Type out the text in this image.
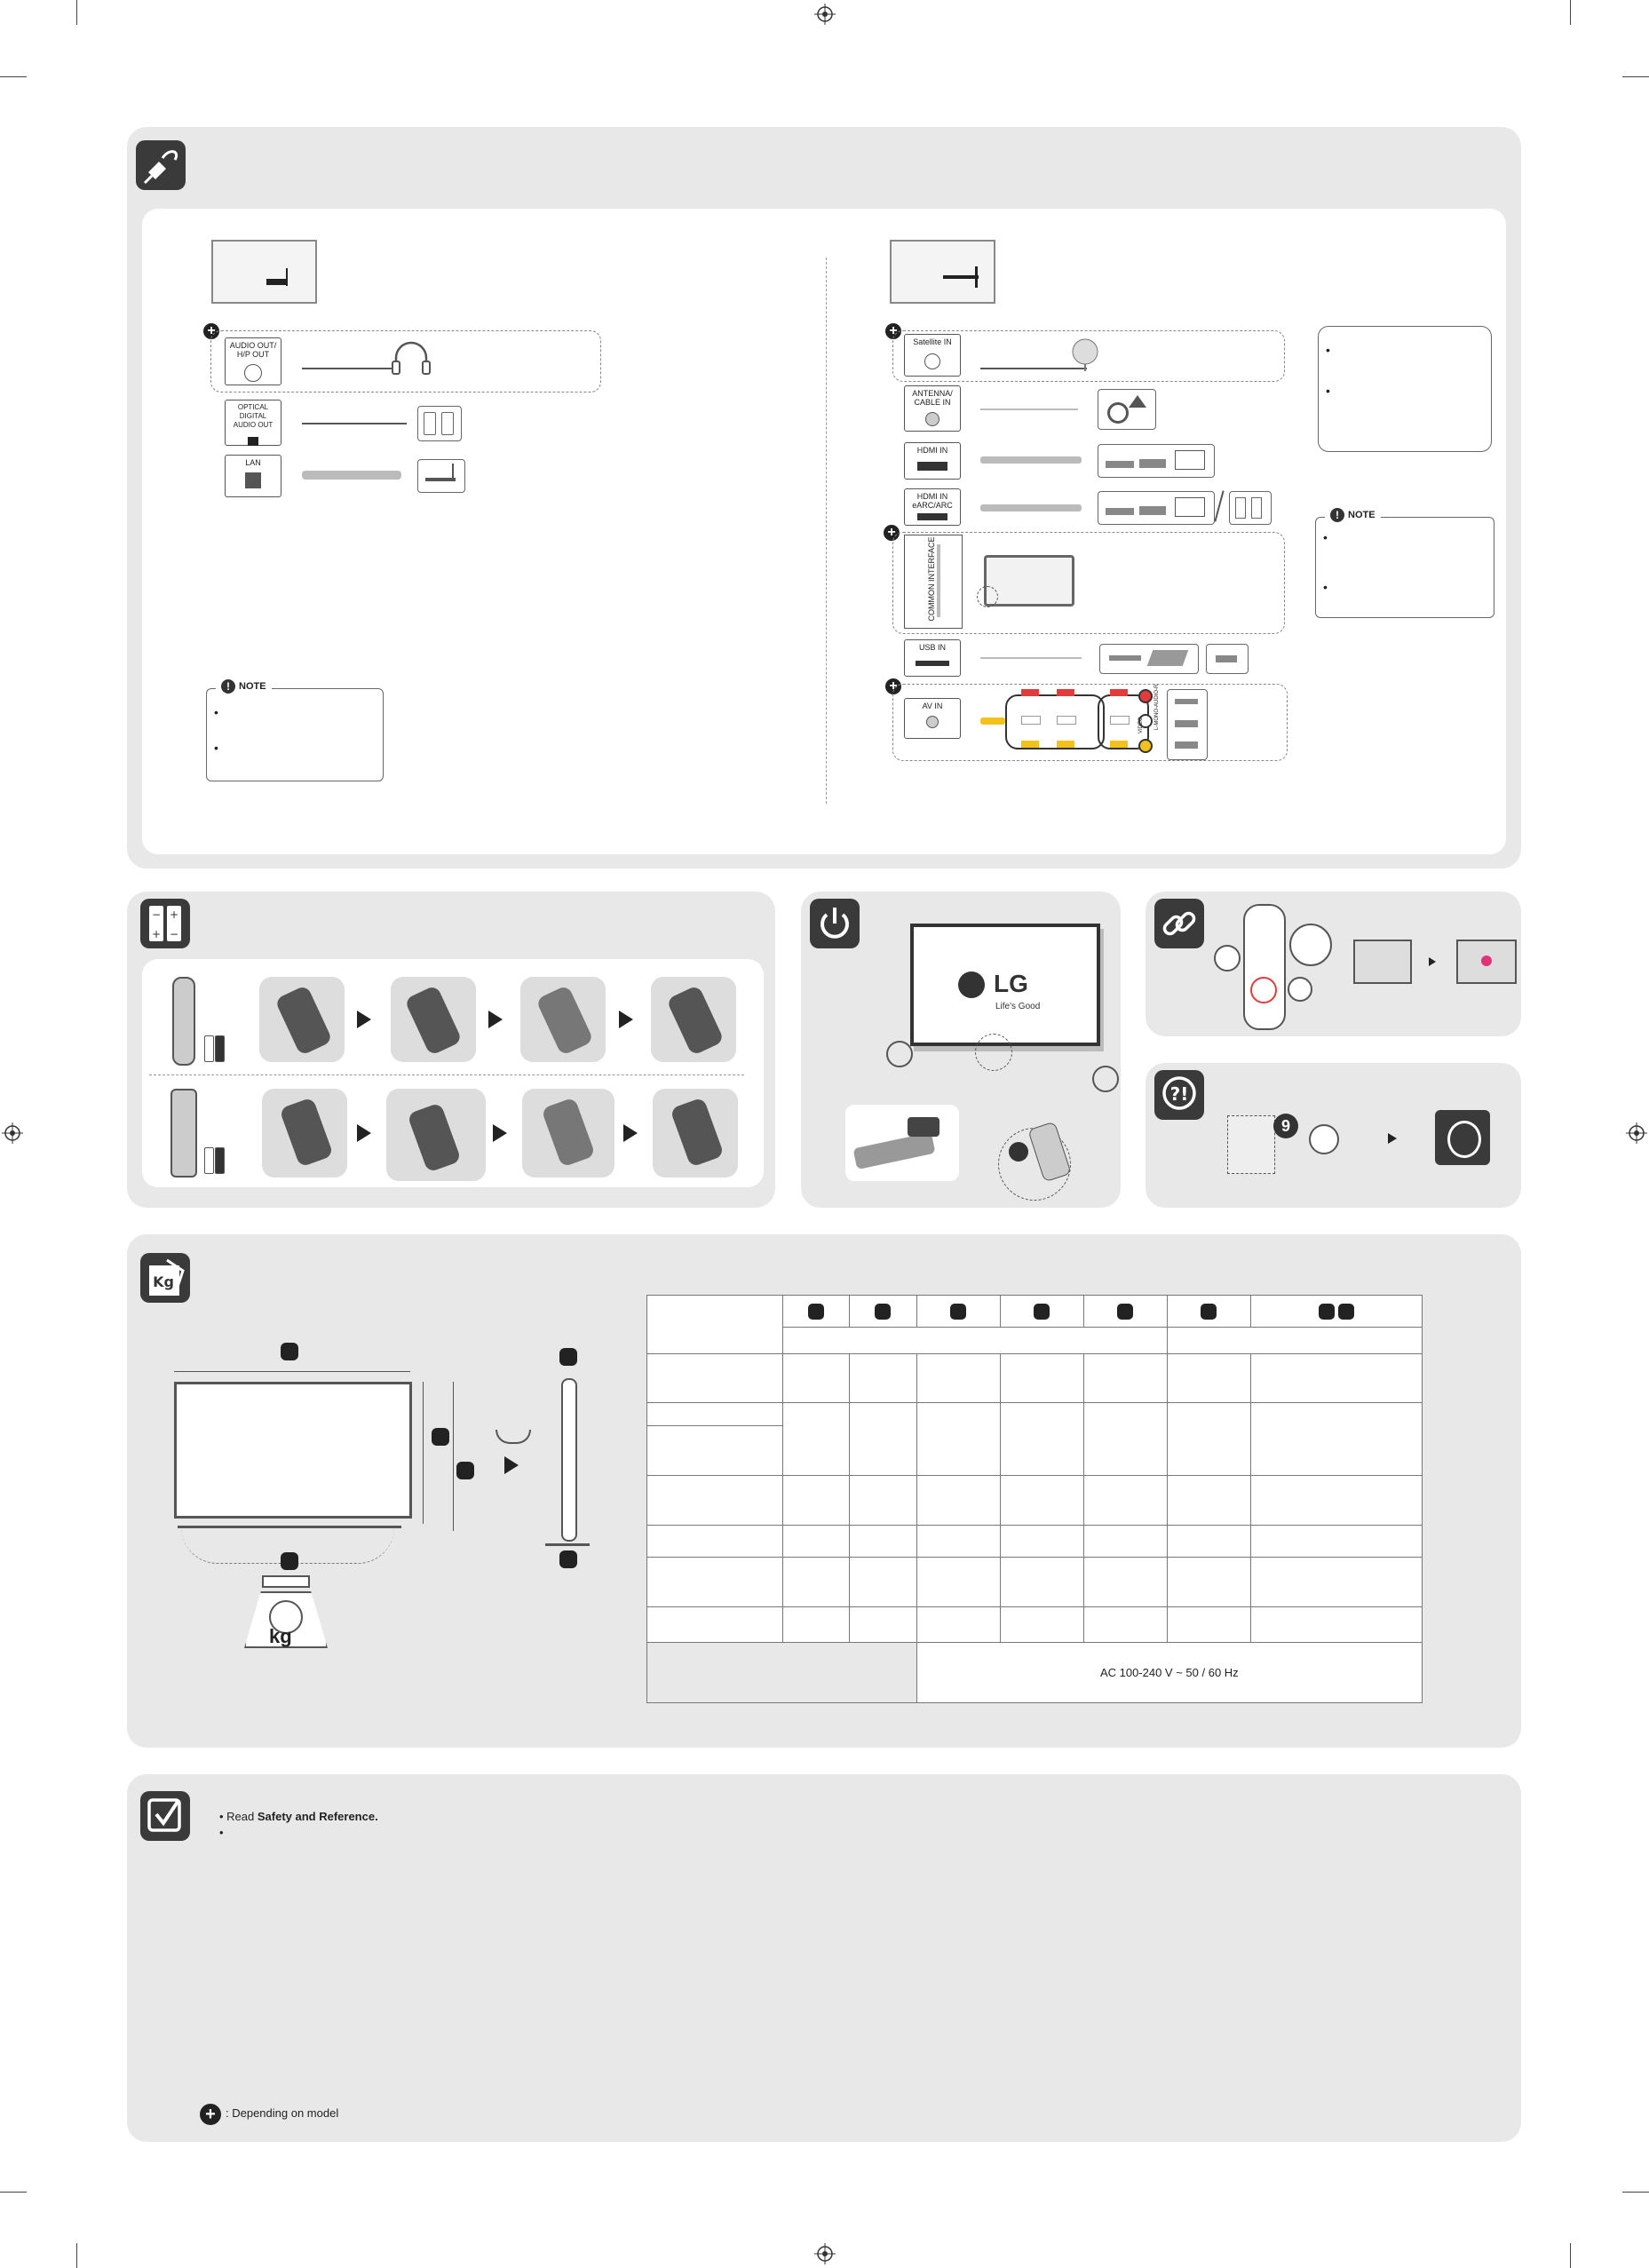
+
AUDIO OUT/
H/P OUT
OPTICAL DIGITAL
AUDIO OUT
LAN
! NOTE
•
•
+
Satellite IN
ANTENNA/
CABLE IN
HDMI IN
HDMI IN
eARC/ARC
+
COMMON INTERFACE
USB IN
+
AV IN
VIDEO L-MONO-AUDIO-R
•
•
! NOTE
•
•
− +
+ −
LG
Life's Good
?!
9
Kg
kg

			AC 100-240 V ~ 50 / 60 Hz				
• Read Safety and Reference.
•
+ : Depending on model
